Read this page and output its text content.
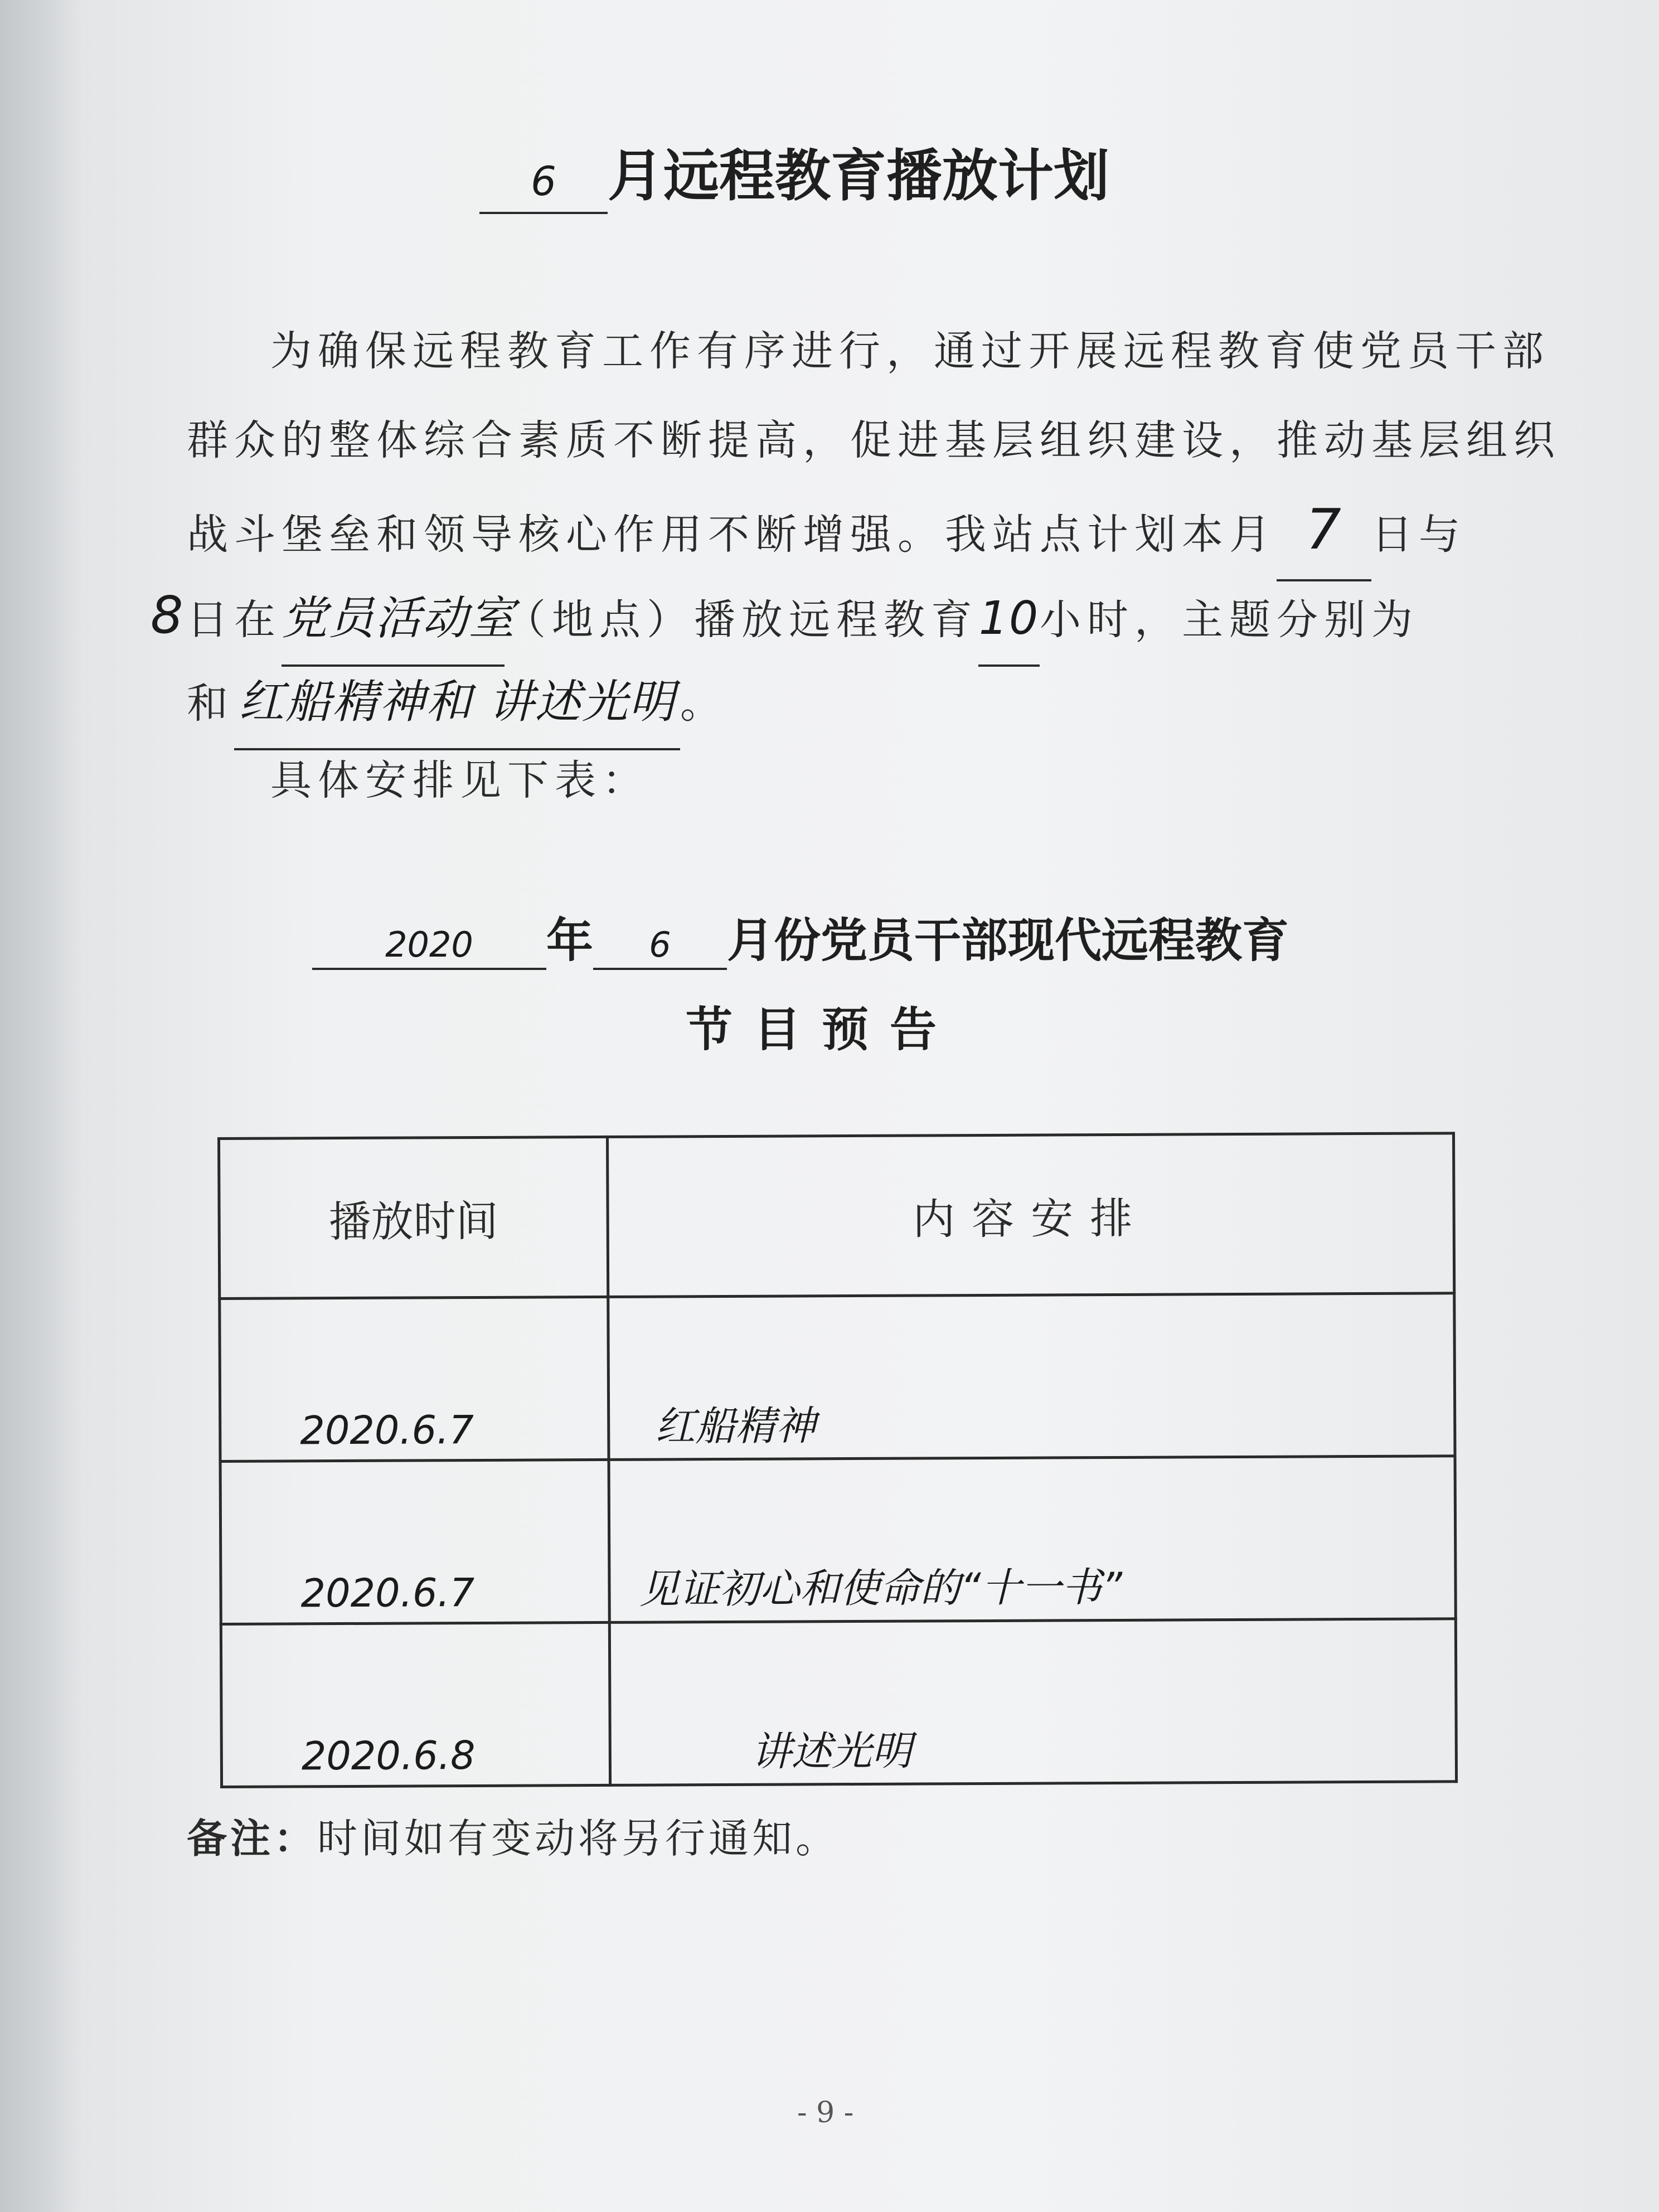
6 月远程教育播放计划
为确保远程教育工作有序进行，通过开展远程教育使党员干部
群众的整体综合素质不断提高，促进基层组织建设，推动基层组织
战斗堡垒和领导核心作用不断增强。我站点计划本月 7 日与
8 日在党员活动室（地点）播放远程教育10小时，主题分别为
和红船精神和 讲述光明 。
具体安排见下表：
2020 年 6 月份党员干部现代远程教育
节目预告
播放时间	内容安排

2020.6.7	红船精神

2020.6.7	见证初心和使命的“十一书”

2020.6.8	讲述光明
备注：时间如有变动将另行通知。
- 9 -
